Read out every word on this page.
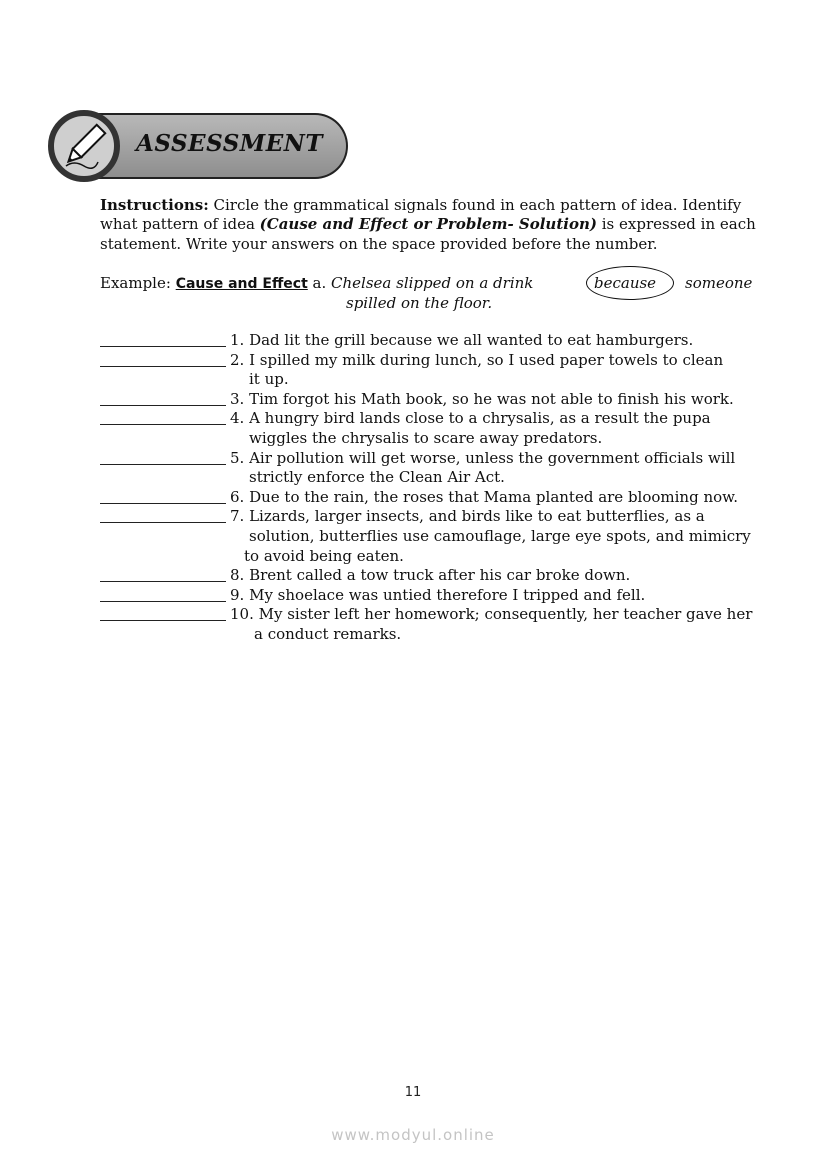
ASSESSMENT
Instructions: Circle the grammatical signals found in each pattern of idea. Identify
what pattern of idea (Cause and Effect or Problem- Solution) is expressed in each
statement. Write your answers on the space provided before the number.
Example: Cause and Effect a. Chelsea slipped on a drink	because someone
spilled on the floor.
1. Dad lit the grill because we all wanted to eat hamburgers.
2. I spilled my milk during lunch, so I used paper towels to clean
it up.
3. Tim forgot his Math book, so he was not able to finish his work.
4. A hungry bird lands close to a chrysalis, as a result the pupa
wiggles the chrysalis to scare away predators.
5. Air pollution will get worse, unless the government officials will
strictly enforce the Clean Air Act.
6. Due to the rain, the roses that Mama planted are blooming now.
7. Lizards, larger insects, and birds like to eat butterflies, as a
solution, butterflies use camouflage, large eye spots, and mimicry
to avoid being eaten.
8. Brent called a tow truck after his car broke down.
9. My shoelace was untied therefore I tripped and fell.
10. My sister left her homework; consequently, her teacher gave her
a conduct remarks.
11
www.modyul.online
